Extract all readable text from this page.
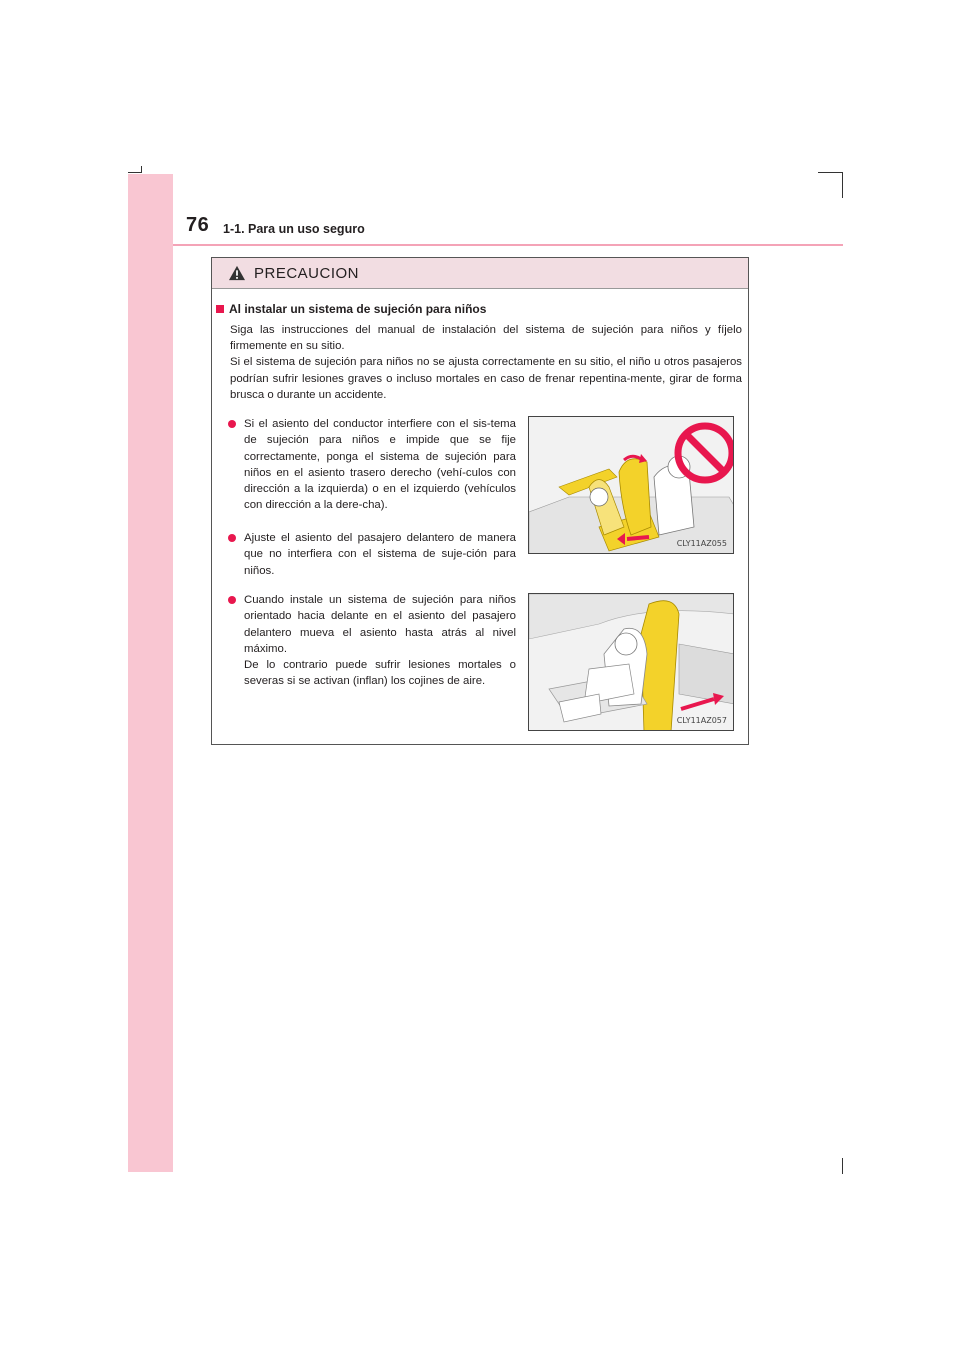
76 1-1. Para un uso seguro
PRECAUCION
Al instalar un sistema de sujeción para niños

Siga las instrucciones del manual de instalación del sistema de sujeción para niños y fíjelo firmemente en su sitio.

Si el sistema de sujeción para niños no se ajusta correctamente en su sitio, el niño u otros pasajeros podrían sufrir lesiones graves o incluso mortales en caso de frenar repentina-mente, girar de forma brusca o durante un accidente.

Si el asiento del conductor interfiere con el sis-tema de sujeción para niños e impide que se fije correctamente, ponga el sistema de sujeción para niños en el asiento trasero derecho (vehí-culos con dirección a la izquierda) o en el izquierdo (vehículos con dirección a la dere-cha).

Ajuste el asiento del pasajero delantero de manera que no interfiera con el sistema de suje-ción para niños.

Cuando instale un sistema de sujeción para niños orientado hacia delante en el asiento del pasajero delantero mueva el asiento hasta atrás al nivel máximo.

De lo contrario puede sufrir lesiones mortales o severas si se activan (inflan) los cojines de aire.

CLY11AZ055
CLY11AZ057
